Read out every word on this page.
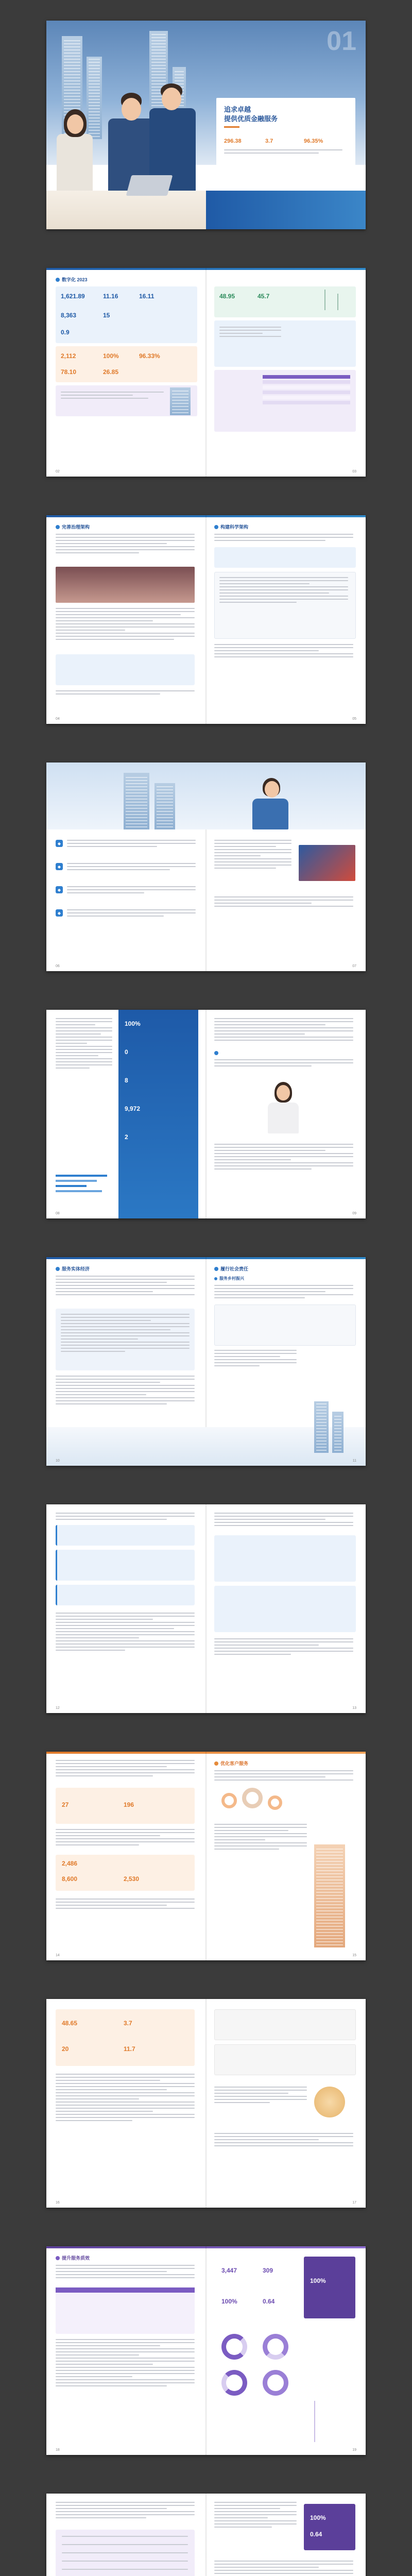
01
追求卓越
提供优质金融服务
296.38	3.7	96.35%
数字化 2023
1,621.89	11.16	16.11
8,363	15
0.9
2,112	100%	96.33%
78.10	26.85
48.95	45.7
02	03
完善治理架构	构建科学架构
04	05
◆
◆
◆
◆
06	07
100%
0
8
9,972
2
08	09
服务实体经济	履行社会责任
服务乡村振兴
10	11
12	13
27	196
2,486
8,600	2,530
优化客户服务
14	15
48.65	3.7
20	11.7
16	17
提升服务质效
3,447	309
100%	0.64
100%
18	19
100%
0.64
